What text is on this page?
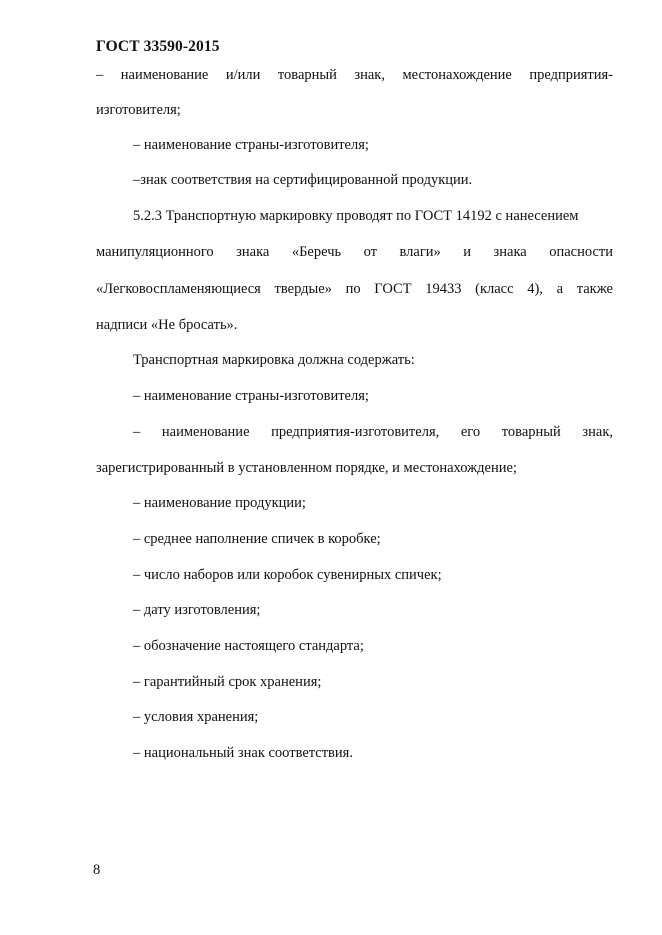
ГОСТ 33590-2015
– наименование и/или товарный знак, местонахождение предприятия-
изготовителя;
– наименование страны-изготовителя;
–знак соответствия на сертифицированной продукции.
5.2.3 Транспортную маркировку проводят по ГОСТ 14192 с нанесением
манипуляционного знака «Беречь от влаги» и знака опасности
«Легковоспламеняющиеся твердые» по ГОСТ 19433 (класс 4), а также
надписи «Не бросать».
Транспортная маркировка должна содержать:
– наименование страны-изготовителя;
– наименование предприятия-изготовителя, его товарный знак,
зарегистрированный в установленном порядке, и местонахождение;
– наименование продукции;
– среднее наполнение спичек в коробке;
– число наборов или коробок сувенирных спичек;
– дату изготовления;
– обозначение настоящего стандарта;
– гарантийный срок хранения;
– условия хранения;
– национальный знак соответствия.
8
